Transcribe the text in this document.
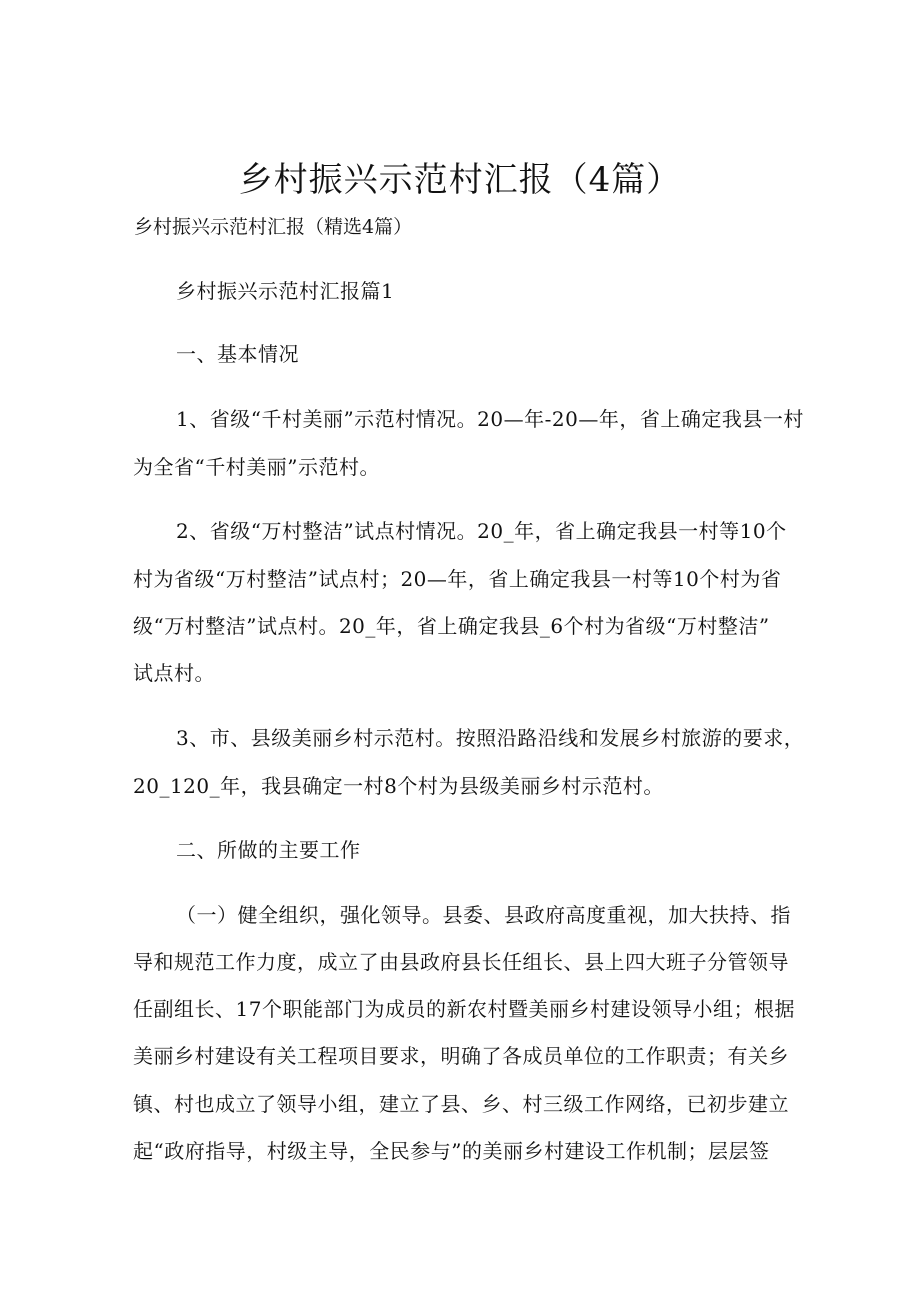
乡村振兴示范村汇报（4篇）
乡村振兴示范村汇报（精选4篇）
乡村振兴示范村汇报篇1
一、基本情况
1、省级“千村美丽”示范村情况。20—年-20—年，省上确定我县一村
为全省“千村美丽”示范村。
2、省级“万村整洁”试点村情况。20_年，省上确定我县一村等10个
村为省级“万村整洁”试点村；20—年，省上确定我县一村等10个村为省
级“万村整洁”试点村。20_年，省上确定我县_6个村为省级“万村整洁”
试点村。
3、市、县级美丽乡村示范村。按照沿路沿线和发展乡村旅游的要求，
20_120_年，我县确定一村8个村为县级美丽乡村示范村。
二、所做的主要工作
（一）健全组织，强化领导。县委、县政府高度重视，加大扶持、指
导和规范工作力度，成立了由县政府县长任组长、县上四大班子分管领导
任副组长、17个职能部门为成员的新农村暨美丽乡村建设领导小组；根据
美丽乡村建设有关工程项目要求，明确了各成员单位的工作职责；有关乡
镇、村也成立了领导小组，建立了县、乡、村三级工作网络，已初步建立
起“政府指导，村级主导，全民参与”的美丽乡村建设工作机制；层层签
